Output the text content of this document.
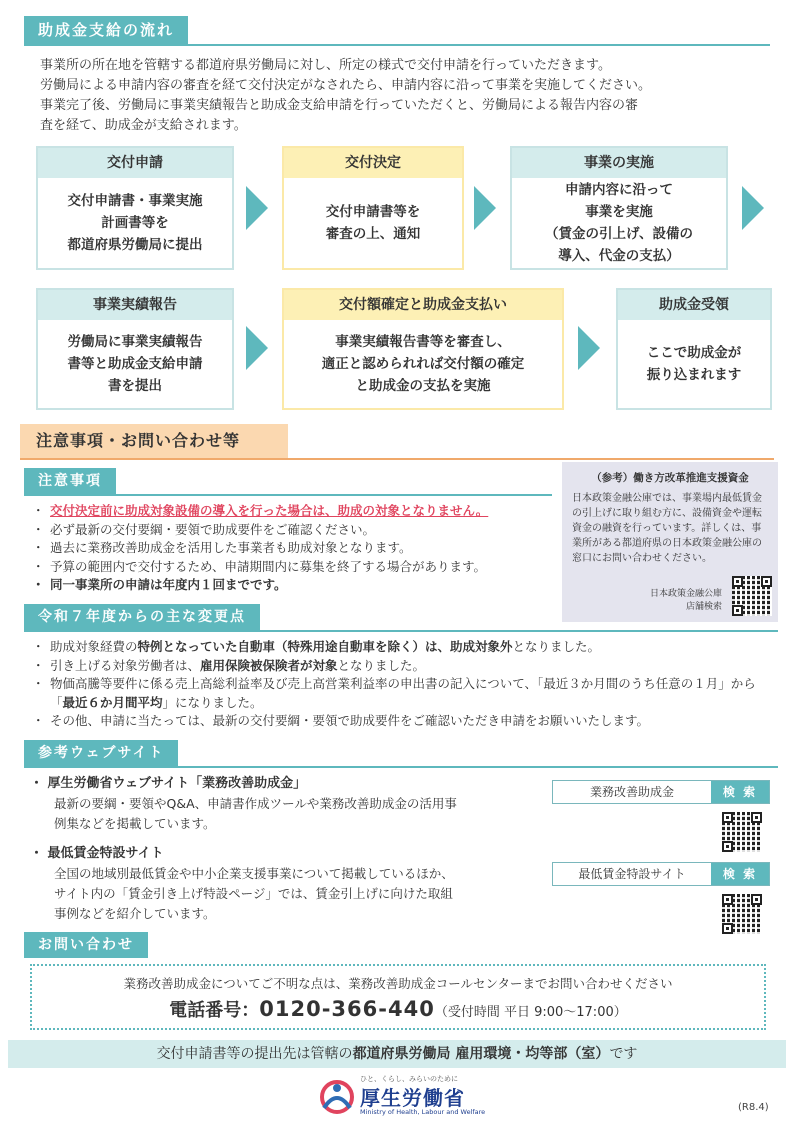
助成金支給の流れ
事業所の所在地を管轄する都道府県労働局に対し、所定の様式で交付申請を行っていただきます。
労働局による申請内容の審査を経て交付決定がなされたら、申請内容に沿って事業を実施してください。
事業完了後、労働局に事業実績報告と助成金支給申請を行っていただくと、労働局による報告内容の審
査を経て、助成金が支給されます。
交付申請
交付申請書・事業実施
計画書等を
都道府県労働局に提出
交付決定
交付申請書等を
審査の上、通知
事業の実施
申請内容に沿って
事業を実施
（賃金の引上げ、設備の
導入、代金の支払）
事業実績報告
労働局に事業実績報告
書等と助成金支給申請
書を提出
交付額確定と助成金支払い
事業実績報告書等を審査し、
適正と認められれば交付額の確定
と助成金の支払を実施
助成金受領
ここで助成金が
振り込まれます
注意事項・お問い合わせ等
注意事項
・ 交付決定前に助成対象設備の導入を行った場合は、助成の対象となりません。
・ 必ず最新の交付要綱・要領で助成要件をご確認ください。
・ 過去に業務改善助成金を活用した事業者も助成対象となります。
・ 予算の範囲内で交付するため、申請期間内に募集を終了する場合があります。
・ 同一事業所の申請は年度内１回までです。
（参考）働き方改革推進支援資金
日本政策金融公庫では、事業場内最低賃金の引上げに取り組む方に、設備資金や運転資金の融資を行っています。詳しくは、事業所がある都道府県の日本政策金融公庫の窓口にお問い合わせください。
日本政策金融公庫
店舗検索
令和７年度からの主な変更点
・ 助成対象経費の特例となっていた自動車（特殊用途自動車を除く）は、助成対象外となりました。
・ 引き上げる対象労働者は、雇用保険被保険者が対象となりました。
・ 物価高騰等要件に係る売上高総利益率及び売上高営業利益率の申出書の記入について、「最近３か月間のうち任意の１月」から「最近６か月間平均」になりました。
・ その他、申請に当たっては、最新の交付要綱・要領で助成要件をご確認いただき申請をお願いいたします。
参考ウェブサイト
・ 厚生労働省ウェブサイト「業務改善助成金」
最新の要綱・要領やQ&A、申請書作成ツールや業務改善助成金の活用事
例集などを掲載しています。
・ 最低賃金特設サイト
全国の地域別最低賃金や中小企業支援事業について掲載しているほか、
サイト内の「賃金引き上げ特設ページ」では、賃金引上げに向けた取組
事例などを紹介しています。
業務改善助成金	検 索
最低賃金特設サイト	検 索
お問い合わせ
業務改善助成金についてご不明な点は、業務改善助成金コールセンターまでお問い合わせください
電話番号：0120-366-440（受付時間 平日 9:00〜17:00）
交付申請書等の提出先は管轄の都道府県労働局 雇用環境・均等部（室）です
ひと、くらし、みらいのために
厚生労働省
Ministry of Health, Labour and Welfare	(R8.4)
